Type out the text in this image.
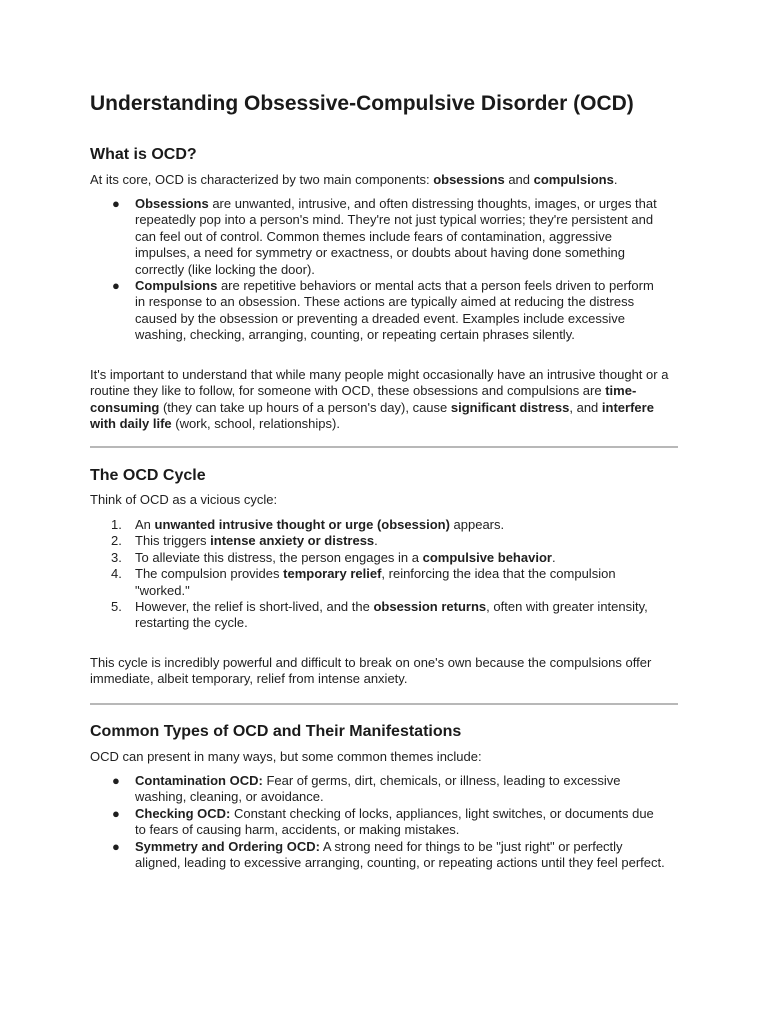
Understanding Obsessive-Compulsive Disorder (OCD)
What is OCD?

At its core, OCD is characterized by two main components: obsessions and compulsions.

● Obsessions are unwanted, intrusive, and often distressing thoughts, images, or urges that repeatedly pop into a person's mind. They're not just typical worries; they're persistent and can feel out of control. Common themes include fears of contamination, aggressive impulses, a need for symmetry or exactness, or doubts about having done something correctly (like locking the door).
● Compulsions are repetitive behaviors or mental acts that a person feels driven to perform in response to an obsession. These actions are typically aimed at reducing the distress caused by the obsession or preventing a dreaded event. Examples include excessive washing, checking, arranging, counting, or repeating certain phrases silently.

It's important to understand that while many people might occasionally have an intrusive thought or a routine they like to follow, for someone with OCD, these obsessions and compulsions are time-consuming (they can take up hours of a person's day), cause significant distress, and interfere with daily life (work, school, relationships).

The OCD Cycle

Think of OCD as a vicious cycle:

1. An unwanted intrusive thought or urge (obsession) appears.
2. This triggers intense anxiety or distress.
3. To alleviate this distress, the person engages in a compulsive behavior.
4. The compulsion provides temporary relief, reinforcing the idea that the compulsion "worked."
5. However, the relief is short-lived, and the obsession returns, often with greater intensity, restarting the cycle.

This cycle is incredibly powerful and difficult to break on one's own because the compulsions offer immediate, albeit temporary, relief from intense anxiety.

Common Types of OCD and Their Manifestations

OCD can present in many ways, but some common themes include:

● Contamination OCD: Fear of germs, dirt, chemicals, or illness, leading to excessive washing, cleaning, or avoidance.
● Checking OCD: Constant checking of locks, appliances, light switches, or documents due to fears of causing harm, accidents, or making mistakes.
● Symmetry and Ordering OCD: A strong need for things to be "just right" or perfectly aligned, leading to excessive arranging, counting, or repeating actions until they feel perfect.
